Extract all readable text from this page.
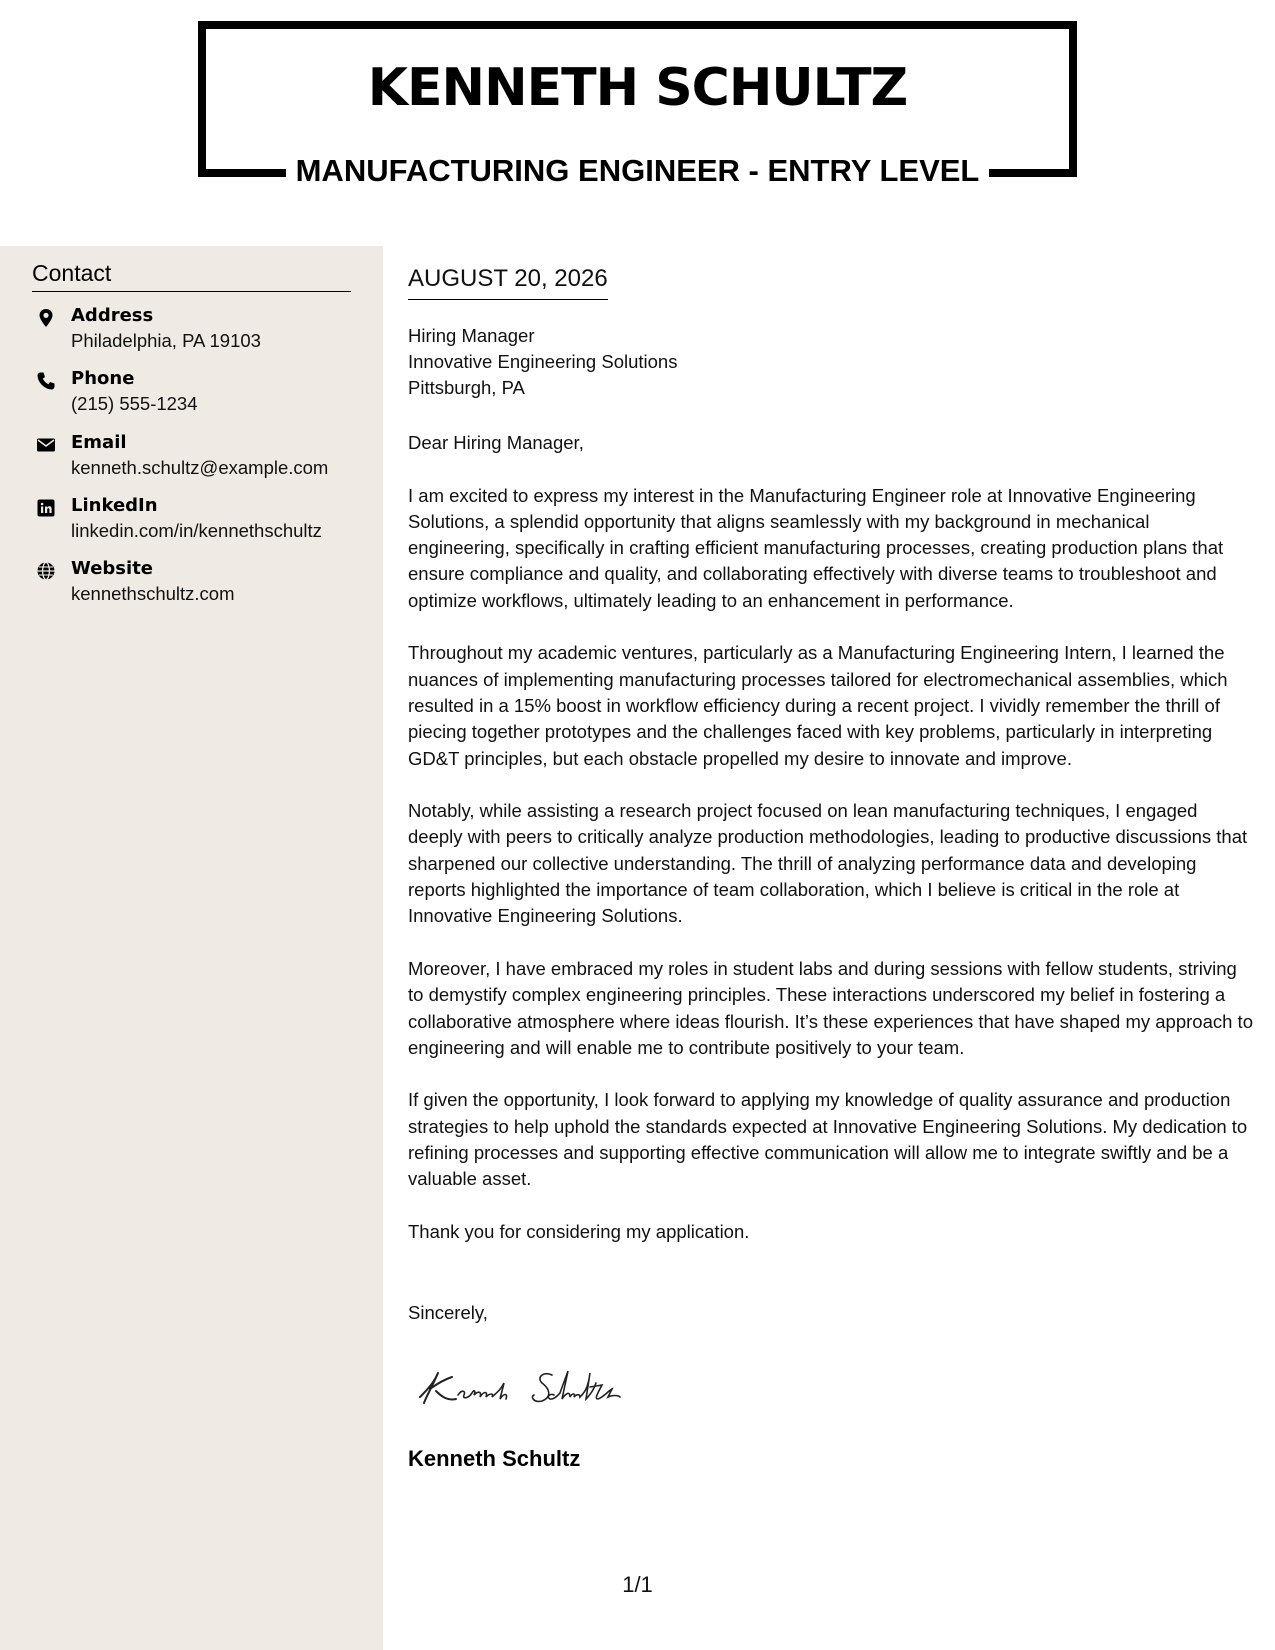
KENNETH SCHULTZ
MANUFACTURING ENGINEER - ENTRY LEVEL
Contact
Address
Philadelphia, PA 19103
Phone
(215) 555-1234
Email
kenneth.schultz@example.com
LinkedIn
linkedin.com/in/kennethschultz
Website
kennethschultz.com
AUGUST 20, 2026
Hiring Manager
Innovative Engineering Solutions
Pittsburgh, PA

Dear Hiring Manager,

I am excited to express my interest in the Manufacturing Engineer role at Innovative Engineering Solutions, a splendid opportunity that aligns seamlessly with my background in mechanical engineering, specifically in crafting efficient manufacturing processes, creating production plans that ensure compliance and quality, and collaborating effectively with diverse teams to troubleshoot and optimize workflows, ultimately leading to an enhancement in performance.

Throughout my academic ventures, particularly as a Manufacturing Engineering Intern, I learned the nuances of implementing manufacturing processes tailored for electromechanical assemblies, which resulted in a 15% boost in workflow efficiency during a recent project. I vividly remember the thrill of piecing together prototypes and the challenges faced with key problems, particularly in interpreting GD&T principles, but each obstacle propelled my desire to innovate and improve.

Notably, while assisting a research project focused on lean manufacturing techniques, I engaged deeply with peers to critically analyze production methodologies, leading to productive discussions that sharpened our collective understanding. The thrill of analyzing performance data and developing reports highlighted the importance of team collaboration, which I believe is critical in the role at Innovative Engineering Solutions.

Moreover, I have embraced my roles in student labs and during sessions with fellow students, striving to demystify complex engineering principles. These interactions underscored my belief in fostering a collaborative atmosphere where ideas flourish. It’s these experiences that have shaped my approach to engineering and will enable me to contribute positively to your team.

If given the opportunity, I look forward to applying my knowledge of quality assurance and production strategies to help uphold the standards expected at Innovative Engineering Solutions. My dedication to refining processes and supporting effective communication will allow me to integrate swiftly and be a valuable asset.

Thank you for considering my application.

Sincerely,
Kenneth Schultz
1/1
